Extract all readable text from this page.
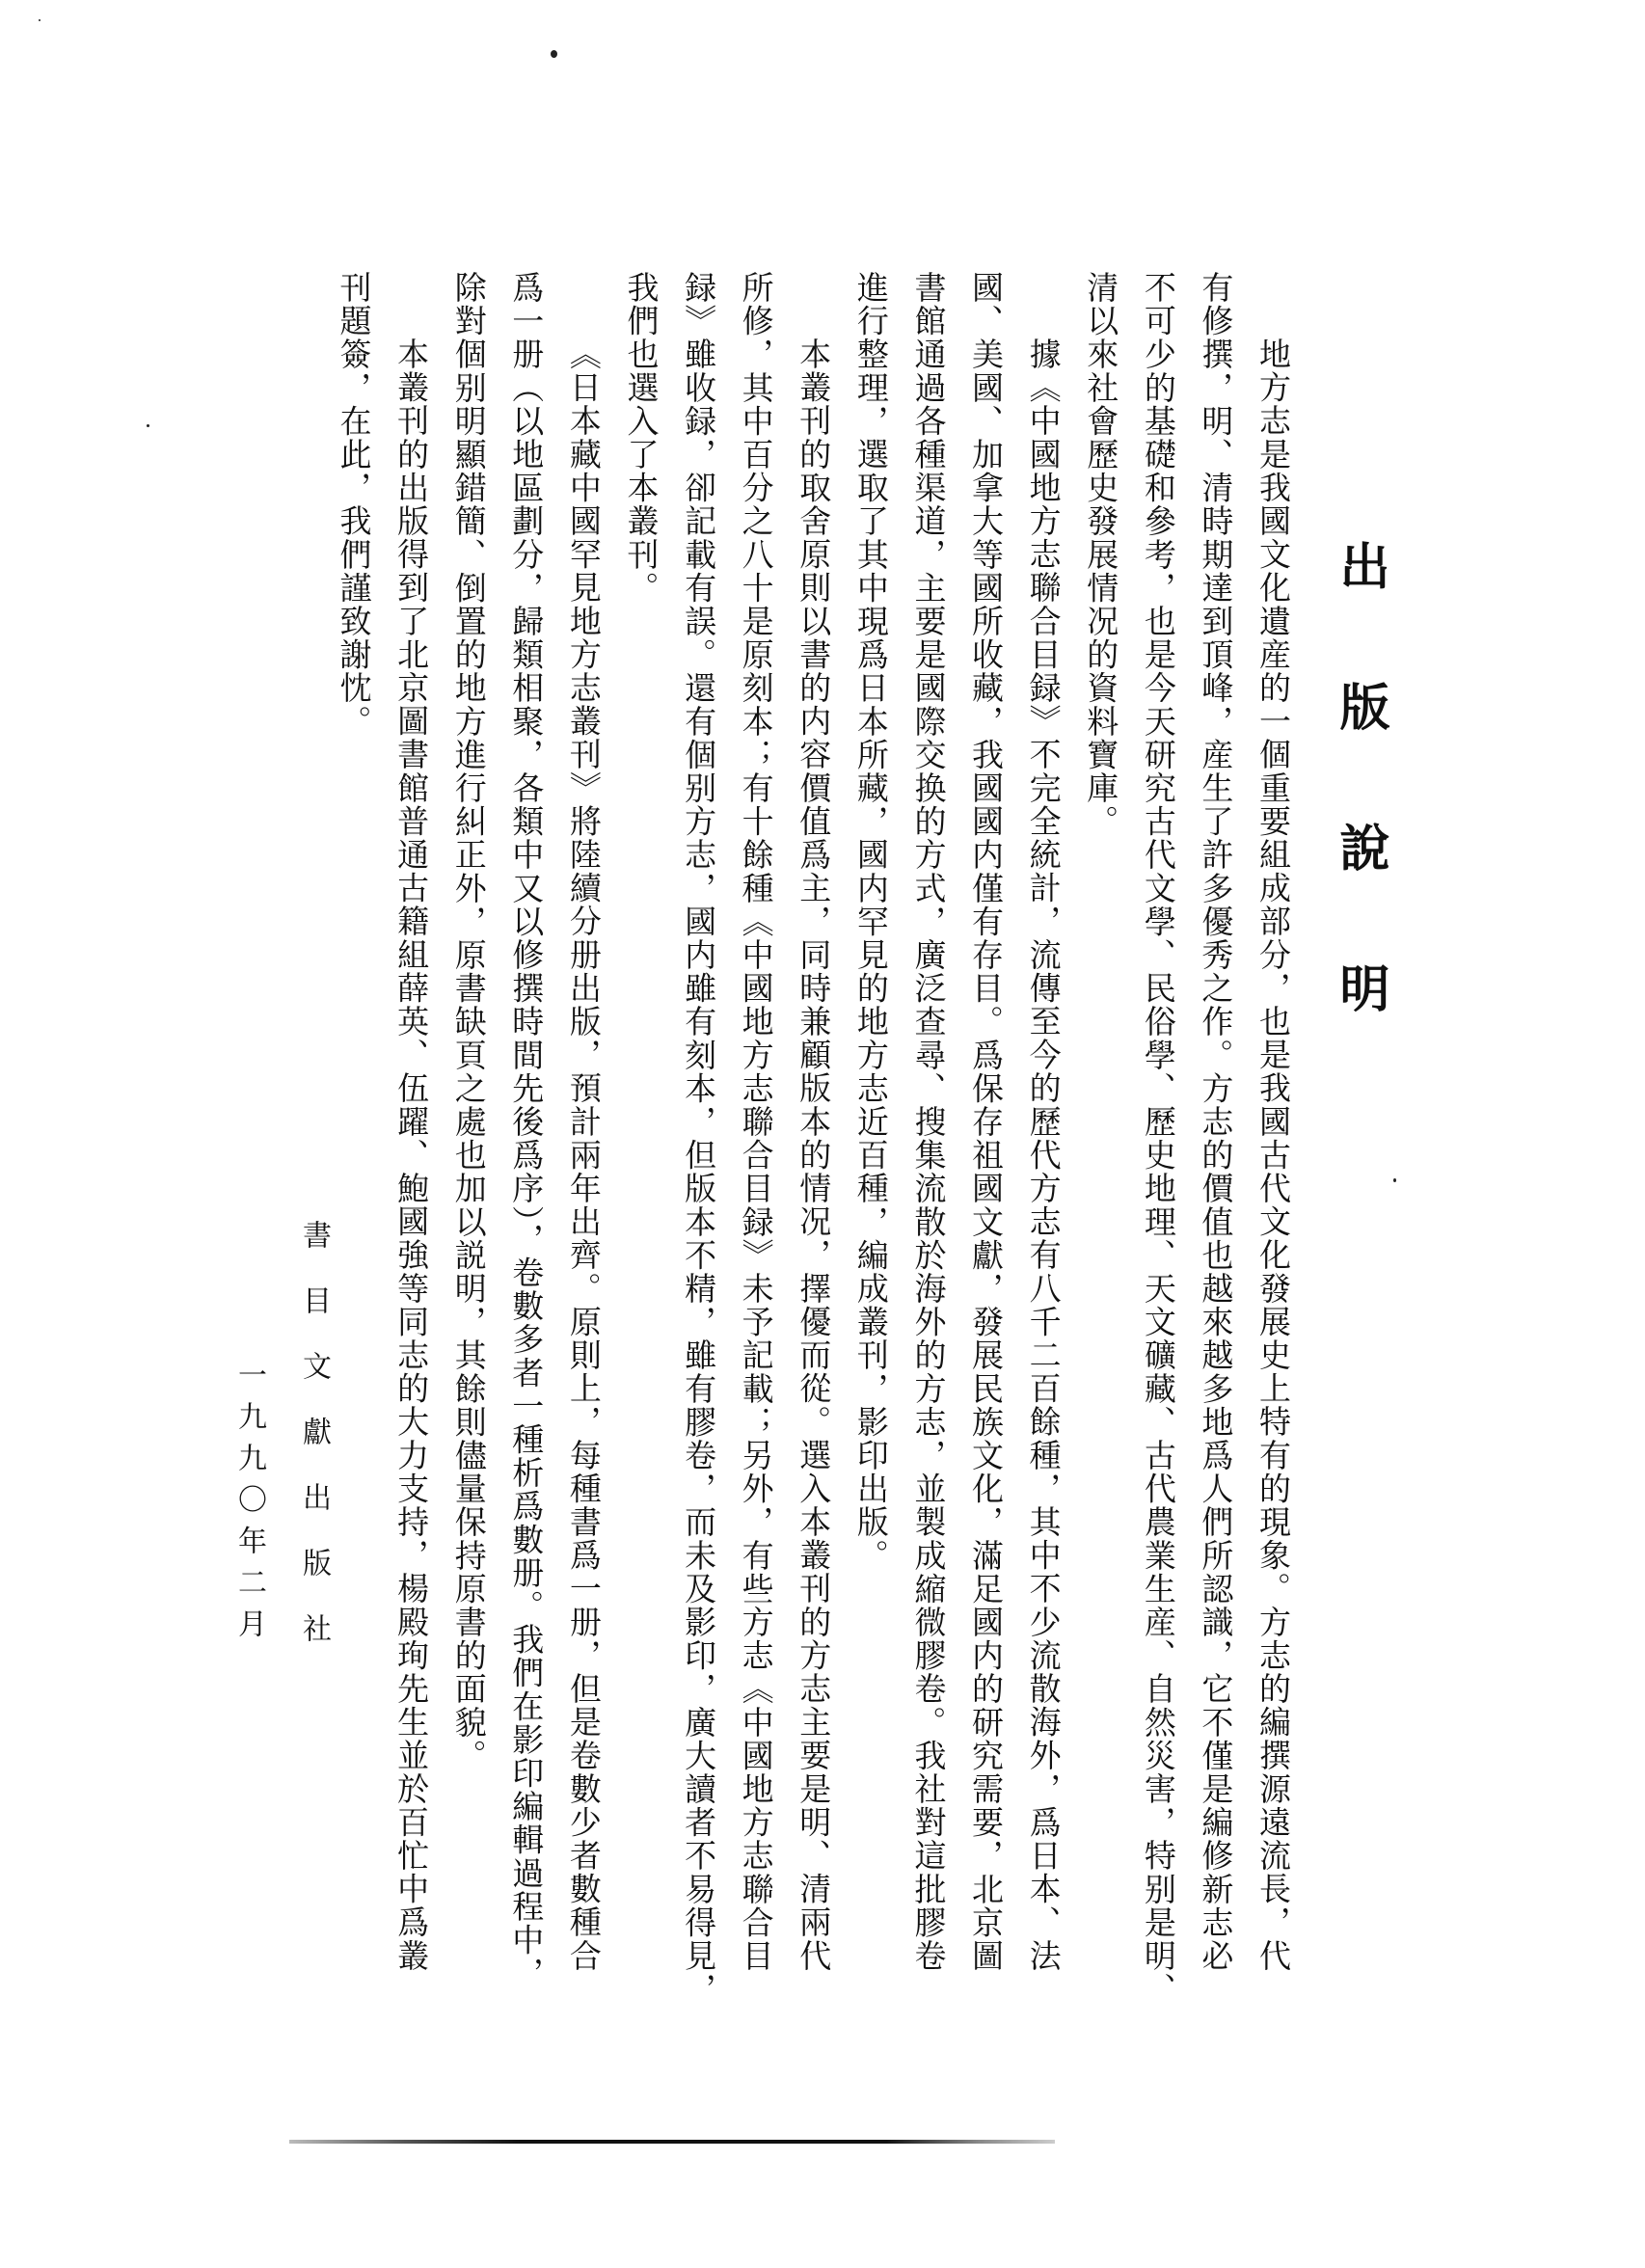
出版說明
地方志是我國文化遺産的一個重要組成部分，也是我國古代文化發展史上特有的現象。方志的編撰源遠流長，代
有修撰，明、清時期達到頂峰，産生了許多優秀之作。方志的價值也越來越多地爲人們所認識，它不僅是編修新志必
不可少的基礎和參考，也是今天研究古代文學、民俗學、歷史地理、天文礦藏、古代農業生産、自然災害，特别是明、
清以來社會歷史發展情况的資料寶庫。
據《中國地方志聯合目録》不完全統計，流傳至今的歷代方志有八千二百餘種，其中不少流散海外，爲日本、法
國、美國、加拿大等國所收藏，我國國内僅有存目。爲保存祖國文獻，發展民族文化，滿足國内的研究需要，北京圖
書館通過各種渠道，主要是國際交换的方式，廣泛查尋、搜集流散於海外的方志，並製成縮微膠卷。我社對這批膠卷
進行整理，選取了其中現爲日本所藏，國内罕見的地方志近百種，編成叢刊，影印出版。
本叢刊的取舍原則以書的内容價值爲主，同時兼顧版本的情况，擇優而從。選入本叢刊的方志主要是明、清兩代
所修，其中百分之八十是原刻本；有十餘種《中國地方志聯合目録》未予記載；另外，有些方志《中國地方志聯合目
録》雖收録，卻記載有誤。還有個别方志，國内雖有刻本，但版本不精，雖有膠卷，而未及影印，廣大讀者不易得見，
我們也選入了本叢刊。
《日本藏中國罕見地方志叢刊》將陸續分册出版，預計兩年出齊。原則上，每種書爲一册，但是卷數少者數種合
爲一册（以地區劃分，歸類相聚，各類中又以修撰時間先後爲序），卷數多者一種析爲數册。我們在影印編輯過程中，
除對個别明顯錯簡、倒置的地方進行糾正外，原書缺頁之處也加以説明，其餘則儘量保持原書的面貌。
本叢刊的出版得到了北京圖書館普通古籍組薛英、伍躍、鮑國強等同志的大力支持，楊殿珣先生並於百忙中爲叢
刊題簽，在此，我們謹致謝忱。
書目文獻出版社
一九九〇年二月
